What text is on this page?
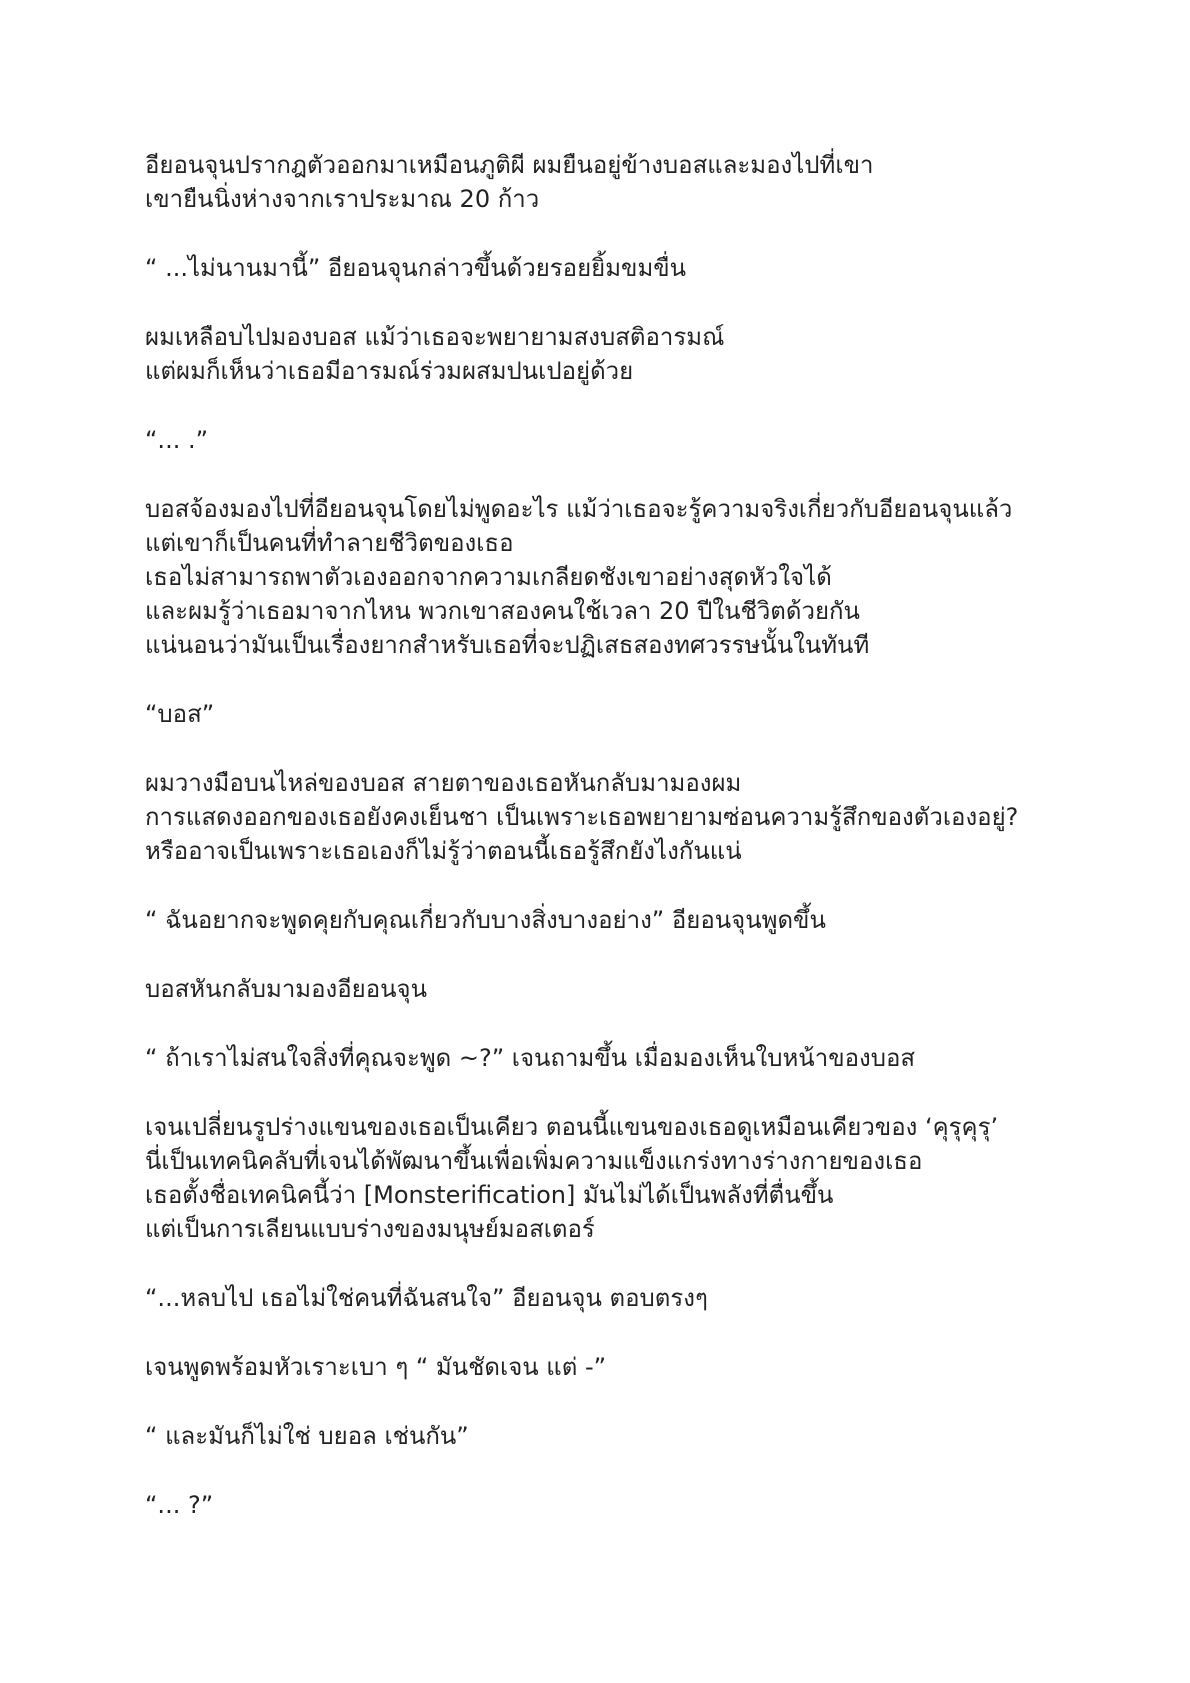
อียอนจุนปรากฎตัวออกมาเหมือนภูติผี ผมยืนอยู่ข้างบอสและมองไปที่เขา
เขายืนนิ่งห่างจากเราประมาณ 20 ก้าว
“ ...ไม่นานมานี้” อียอนจุนกล่าวขึ้นด้วยรอยยิ้มขมขื่น
ผมเหลือบไปมองบอส แม้ว่าเธอจะพยายามสงบสติอารมณ์
แต่ผมก็เห็นว่าเธอมีอารมณ์ร่วมผสมปนเปอยู่ด้วย
“... .”
บอสจ้องมองไปที่อียอนจุนโดยไม่พูดอะไร แม้ว่าเธอจะรู้ความจริงเกี่ยวกับอียอนจุนแล้ว
แต่เขาก็เป็นคนที่ทำลายชีวิตของเธอ
เธอไม่สามารถพาตัวเองออกจากความเกลียดชังเขาอย่างสุดหัวใจได้
และผมรู้ว่าเธอมาจากไหน พวกเขาสองคนใช้เวลา 20 ปีในชีวิตด้วยกัน
แน่นอนว่ามันเป็นเรื่องยากสำหรับเธอที่จะปฏิเสธสองทศวรรษนั้นในทันที
“บอส”
ผมวางมือบนไหล่ของบอส สายตาของเธอหันกลับมามองผม
การแสดงออกของเธอยังคงเย็นชา เป็นเพราะเธอพยายามซ่อนความรู้สึกของตัวเองอยู่?
หรืออาจเป็นเพราะเธอเองก็ไม่รู้ว่าตอนนี้เธอรู้สึกยังไงกันแน่
“ ฉันอยากจะพูดคุยกับคุณเกี่ยวกับบางสิ่งบางอย่าง” อียอนจุนพูดขึ้น
บอสหันกลับมามองอียอนจุน
“ ถ้าเราไม่สนใจสิ่งที่คุณจะพูด ~?” เจนถามขึ้น เมื่อมองเห็นใบหน้าของบอส
เจนเปลี่ยนรูปร่างแขนของเธอเป็นเคียว ตอนนี้แขนของเธอดูเหมือนเคียวของ ‘คุรุคุรุ’
นี่เป็นเทคนิคลับที่เจนได้พัฒนาขึ้นเพื่อเพิ่มความแข็งแกร่งทางร่างกายของเธอ
เธอตั้งชื่อเทคนิคนี้ว่า [Monsterification] มันไม่ได้เป็นพลังที่ตื่นขึ้น
แต่เป็นการเลียนแบบร่างของมนุษย์มอสเตอร์
“...หลบไป เธอไม่ใช่คนที่ฉันสนใจ” อียอนจุน ตอบตรงๆ
เจนพูดพร้อมหัวเราะเบา ๆ “ มันชัดเจน แต่ -”
“ และมันก็ไม่ใช่ บยอล เช่นกัน”
“... ?”
